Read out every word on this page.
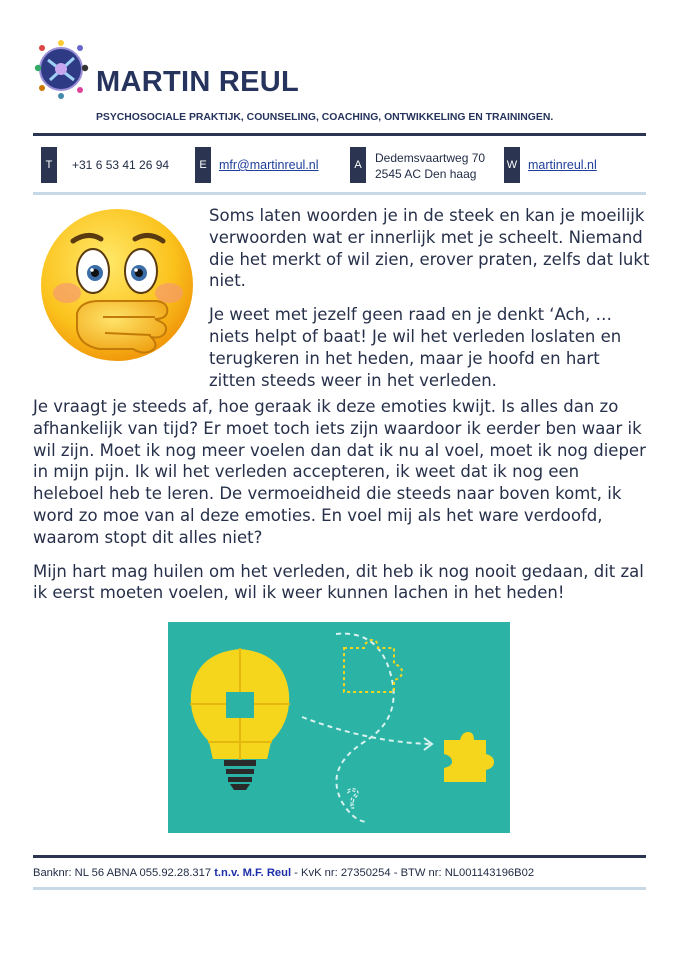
MARTIN REUL
PSYCHOSOCIALE PRAKTIJK, COUNSELING, COACHING, ONTWIKKELING EN TRAININGEN.
T	+31 6 53 41 26 94	E mfr@martinreul.nl	A	Dedemsvaartweg 70
2545 AC Den haag
W martinreul.nl

Soms laten woorden je in de steek en kan je moeilijk verwoorden wat er innerlijk met je scheelt. Niemand die het merkt of wil zien, erover praten, zelfs dat lukt niet.

Je weet met jezelf geen raad en je denkt ‘Ach, …niets helpt of baat! Je wil het verleden loslaten en terugkeren in het heden, maar je hoofd en hart zitten steeds weer in het verleden.

Je vraagt je steeds af, hoe geraak ik deze emoties kwijt. Is alles dan zo afhankelijk van tijd? Er moet toch iets zijn waardoor ik eerder ben waar ik wil zijn. Moet ik nog meer voelen dan dat ik nu al voel, moet ik nog dieper in mijn pijn. Ik wil het verleden accepteren, ik weet dat ik nog een heleboel heb te leren. De vermoeidheid die steeds naar boven komt, ik word zo moe van al deze emoties. En voel mij als het ware verdoofd, waarom stopt dit alles niet?

Mijn hart mag huilen om het verleden, dit heb ik nog nooit gedaan, dit zal ik eerst moeten voelen, wil ik weer kunnen lachen in het heden!

?
Banknr: NL 56 ABNA 055.92.28.317 t.n.v. M.F. Reul - KvK nr: 27350254 - BTW nr: NL001143196B02
